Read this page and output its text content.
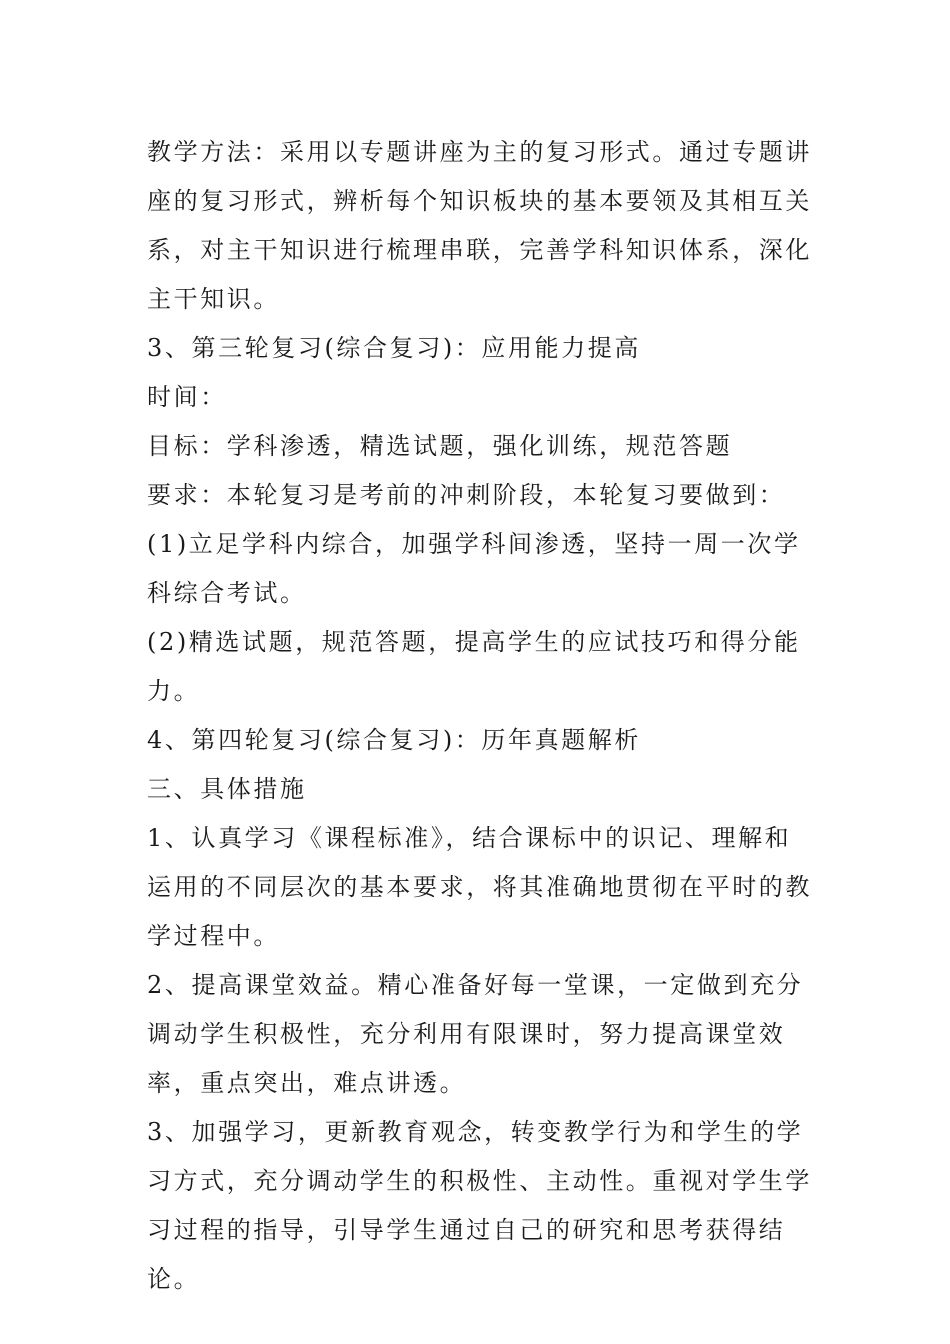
教学方法：采用以专题讲座为主的复习形式。通过专题讲座的复习形式，辨析每个知识板块的基本要领及其相互关系，对主干知识进行梳理串联，完善学科知识体系，深化主干知识。

3、第三轮复习(综合复习)：应用能力提高

时间：

目标：学科渗透，精选试题，强化训练，规范答题

要求：本轮复习是考前的冲刺阶段，本轮复习要做到：

(1)立足学科内综合，加强学科间渗透，坚持一周一次学科综合考试。

(2)精选试题，规范答题，提高学生的应试技巧和得分能力。

4、第四轮复习(综合复习)：历年真题解析

三、具体措施

1、认真学习《课程标准》，结合课标中的识记、理解和运用的不同层次的基本要求，将其准确地贯彻在平时的教学过程中。

2、提高课堂效益。精心准备好每一堂课，一定做到充分调动学生积极性，充分利用有限课时，努力提高课堂效率，重点突出，难点讲透。

3、加强学习，更新教育观念，转变教学行为和学生的学习方式，充分调动学生的积极性、主动性。重视对学生学习过程的指导，引导学生通过自己的研究和思考获得结论。
